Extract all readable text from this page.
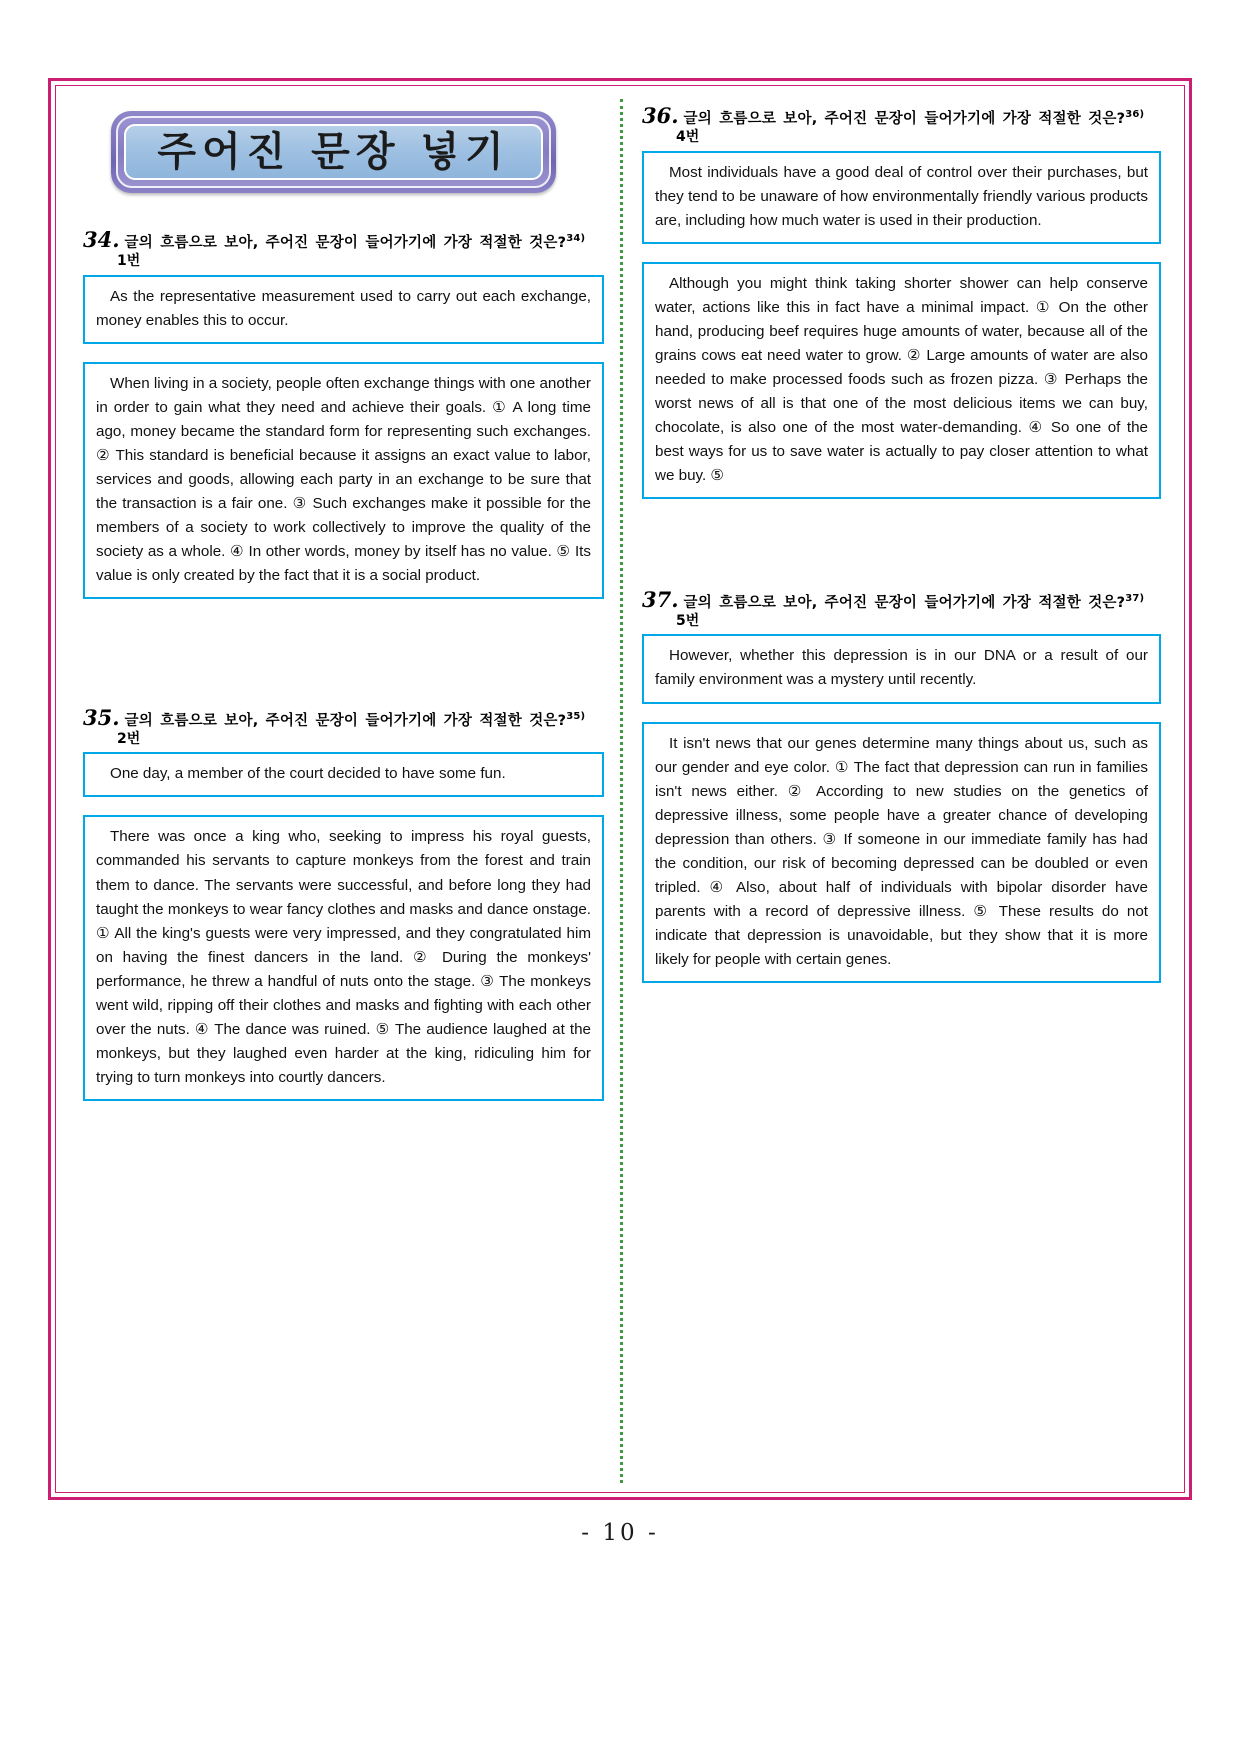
주어진 문장 넣기
34. 글의 흐름으로 보아, 주어진 문장이 들어가기에 가장 적절한 것은?$^{34)}$
1번

As the representative measurement used to carry out each exchange, money enables this to occur.

When living in a society, people often exchange things with one another in order to gain what they need and achieve their goals. ① A long time ago, money became the standard form for representing such exchanges. ② This standard is beneficial because it assigns an exact value to labor, services and goods, allowing each party in an exchange to be sure that the transaction is a fair one. ③ Such exchanges make it possible for the members of a society to work collectively to improve the quality of the society as a whole. ④ In other words, money by itself has no value. ⑤ Its value is only created by the fact that it is a social product.

35. 글의 흐름으로 보아, 주어진 문장이 들어가기에 가장 적절한 것은?$^{35)}$
2번

One day, a member of the court decided to have some fun.

There was once a king who, seeking to impress his royal guests, commanded his servants to capture monkeys from the forest and train them to dance. The servants were successful, and before long they had taught the monkeys to wear fancy clothes and masks and dance onstage. ① All the king's guests were very impressed, and they congratulated him on having the finest dancers in the land. ② During the monkeys' performance, he threw a handful of nuts onto the stage. ③ The monkeys went wild, ripping off their clothes and masks and fighting with each other over the nuts. ④ The dance was ruined. ⑤ The audience laughed at the monkeys, but they laughed even harder at the king, ridiculing him for trying to turn monkeys into courtly dancers.

36. 글의 흐름으로 보아, 주어진 문장이 들어가기에 가장 적절한 것은?$^{36)}$
4번

Most individuals have a good deal of control over their purchases, but they tend to be unaware of how environmentally friendly various products are, including how much water is used in their production.

Although you might think taking shorter shower can help conserve water, actions like this in fact have a minimal impact. ① On the other hand, producing beef requires huge amounts of water, because all of the grains cows eat need water to grow. ② Large amounts of water are also needed to make processed foods such as frozen pizza. ③ Perhaps the worst news of all is that one of the most delicious items we can buy, chocolate, is also one of the most water-demanding. ④ So one of the best ways for us to save water is actually to pay closer attention to what we buy. ⑤

37. 글의 흐름으로 보아, 주어진 문장이 들어가기에 가장 적절한 것은?$^{37)}$
5번

However, whether this depression is in our DNA or a result of our family environment was a mystery until recently.

It isn't news that our genes determine many things about us, such as our gender and eye color. ① The fact that depression can run in families isn't news either. ② According to new studies on the genetics of depressive illness, some people have a greater chance of developing depression than others. ③ If someone in our immediate family has had the condition, our risk of becoming depressed can be doubled or even tripled. ④ Also, about half of individuals with bipolar disorder have parents with a record of depressive illness. ⑤ These results do not indicate that depression is unavoidable, but they show that it is more likely for people with certain genes.

- 10 -
